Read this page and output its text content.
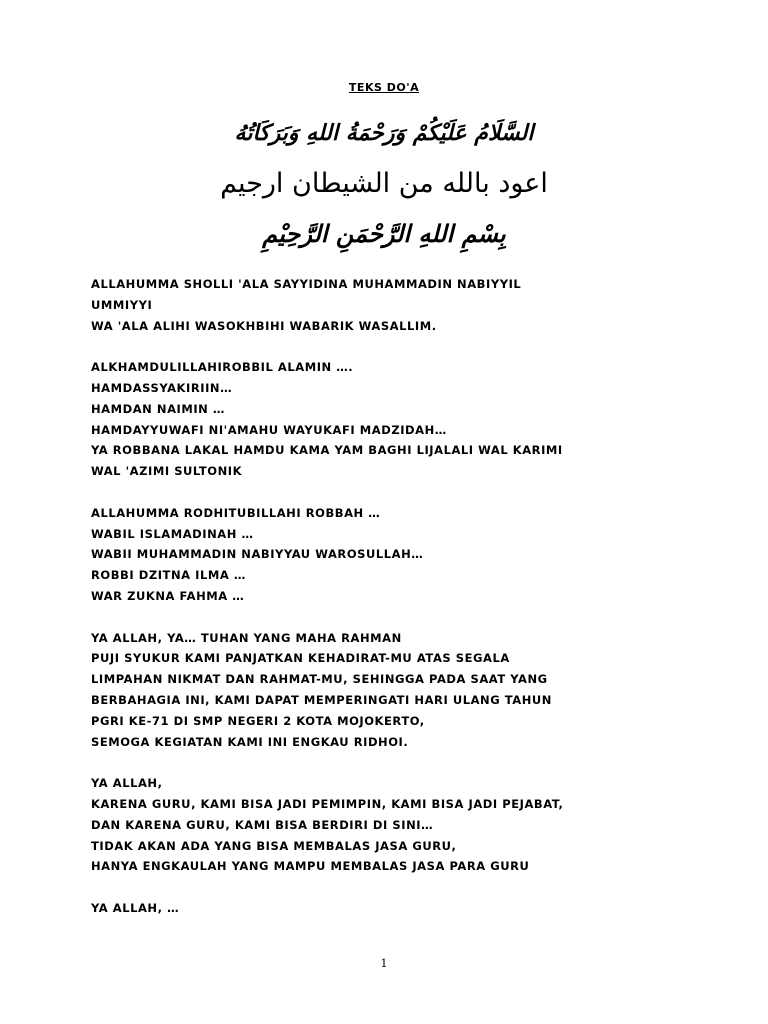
TEKS DO'A
السَّلَامُ عَلَيْكُمْ وَرَحْمَةُ اللهِ وَبَرَكَاتُهُ
اعود بالله من الشيطان ارجيم
بِسْمِ اللهِ الرَّحْمَنِ الرَّحِيْمِ
ALLAHUMMA SHOLLI 'ALA SAYYIDINA MUHAMMADIN NABIYYIL
UMMIYYI
WA 'ALA ALIHI WASOKHBIHI WABARIK WASALLIM.
ALKHAMDULILLAHIROBBIL ALAMIN ….
HAMDASSYAKIRIIN…
HAMDAN NAIMIN …
HAMDAYYUWAFI NI'AMAHU WAYUKAFI MADZIDAH…
YA ROBBANA LAKAL HAMDU KAMA YAM BAGHI LIJALALI WAL KARIMI
WAL 'AZIMI SULTONIK
ALLAHUMMA RODHITUBILLAHI ROBBAH …
WABIL ISLAMADINAH …
WABII MUHAMMADIN NABIYYAU WAROSULLAH…
ROBBI DZITNA ILMA …
WAR ZUKNA FAHMA …
YA ALLAH, YA… TUHAN YANG MAHA RAHMAN
PUJI SYUKUR KAMI PANJATKAN KEHADIRAT-MU ATAS SEGALA
LIMPAHAN NIKMAT DAN RAHMAT-MU, SEHINGGA PADA SAAT YANG
BERBAHAGIA INI, KAMI DAPAT MEMPERINGATI HARI ULANG TAHUN
PGRI KE-71 DI SMP NEGERI 2 KOTA MOJOKERTO,
SEMOGA KEGIATAN KAMI INI ENGKAU RIDHOI.
YA ALLAH,
KARENA GURU, KAMI BISA JADI PEMIMPIN, KAMI BISA JADI PEJABAT,
DAN KARENA GURU, KAMI BISA BERDIRI DI SINI…
TIDAK AKAN ADA YANG BISA MEMBALAS JASA GURU,
HANYA ENGKAULAH YANG MAMPU MEMBALAS JASA PARA GURU
YA ALLAH, …
1
